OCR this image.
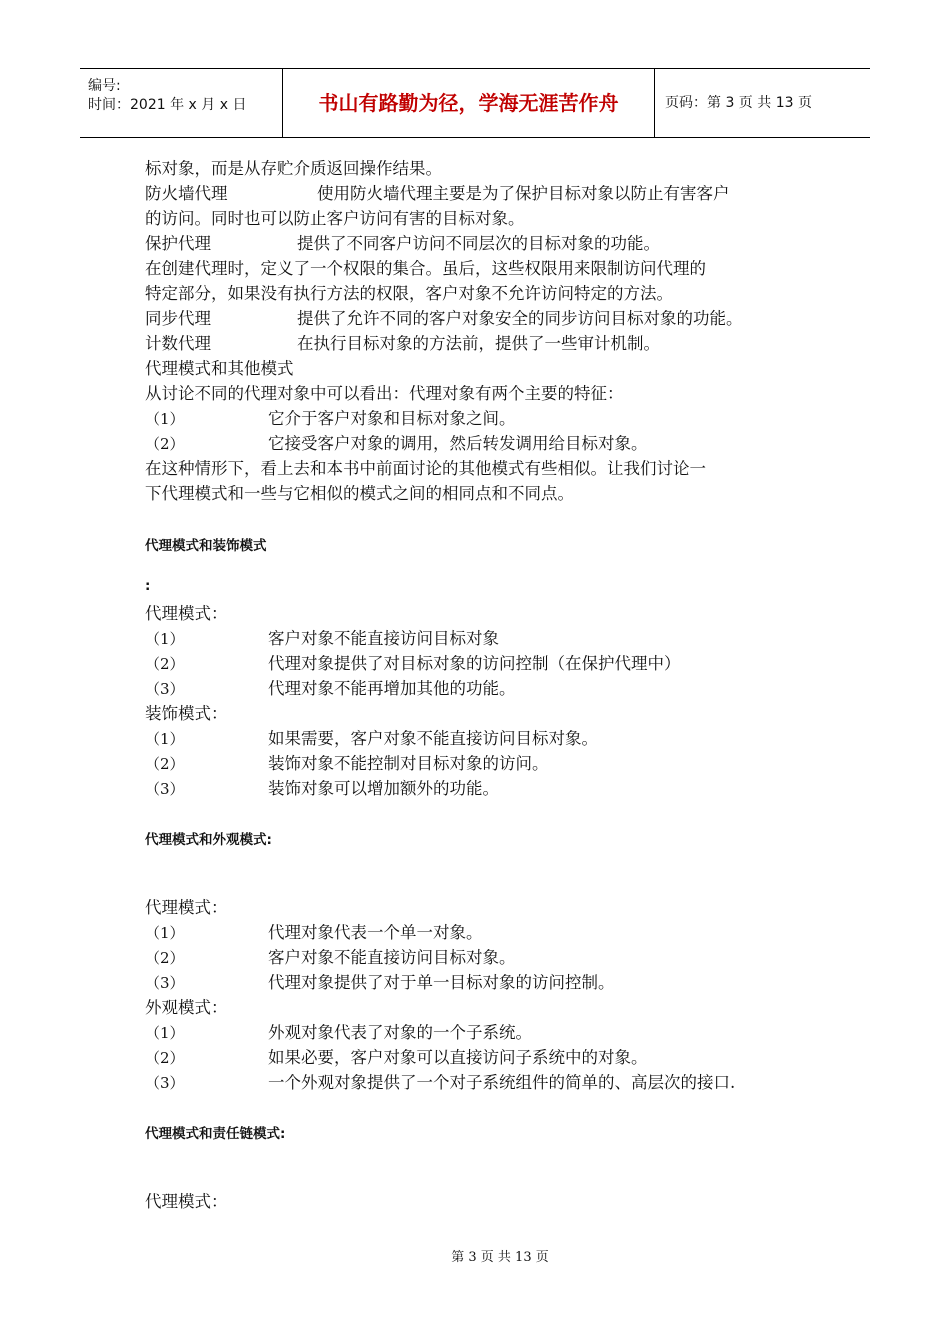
编号:
时间：2021 年 x 月 x 日	书山有路勤为径，学海无涯苦作舟	页码：第 3 页 共 13 页
标对象，而是从存贮介质返回操作结果。
防火墙代理	使用防火墙代理主要是为了保护目标对象以防止有害客户
的访问。同时也可以防止客户访问有害的目标对象。
保护代理	提供了不同客户访问不同层次的目标对象的功能。
在创建代理时，定义了一个权限的集合。虽后，这些权限用来限制访问代理的
特定部分，如果没有执行方法的权限，客户对象不允许访问特定的方法。
同步代理	提供了允许不同的客户对象安全的同步访问目标对象的功能。
计数代理	在执行目标对象的方法前，提供了一些审计机制。
代理模式和其他模式
从讨论不同的代理对象中可以看出：代理对象有两个主要的特征：
（1）	它介于客户对象和目标对象之间。
（2）	它接受客户对象的调用，然后转发调用给目标对象。
在这种情形下，看上去和本书中前面讨论的其他模式有些相似。让我们讨论一
下代理模式和一些与它相似的模式之间的相同点和不同点。
代理模式和装饰模式
:
代理模式：
（1）	客户对象不能直接访问目标对象
（2）	代理对象提供了对目标对象的访问控制（在保护代理中）
（3）	代理对象不能再增加其他的功能。
装饰模式：
（1）	如果需要，客户对象不能直接访问目标对象。
（2）	装饰对象不能控制对目标对象的访问。
（3）	装饰对象可以增加额外的功能。
代理模式和外观模式:
代理模式：
（1）	代理对象代表一个单一对象。
（2）	客户对象不能直接访问目标对象。
（3）	代理对象提供了对于单一目标对象的访问控制。
外观模式：
（1）	外观对象代表了对象的一个子系统。
（2）	如果必要，客户对象可以直接访问子系统中的对象。
（3）	一个外观对象提供了一个对子系统组件的简单的、高层次的接口.
代理模式和责任链模式:
代理模式：
第 3 页 共 13 页
